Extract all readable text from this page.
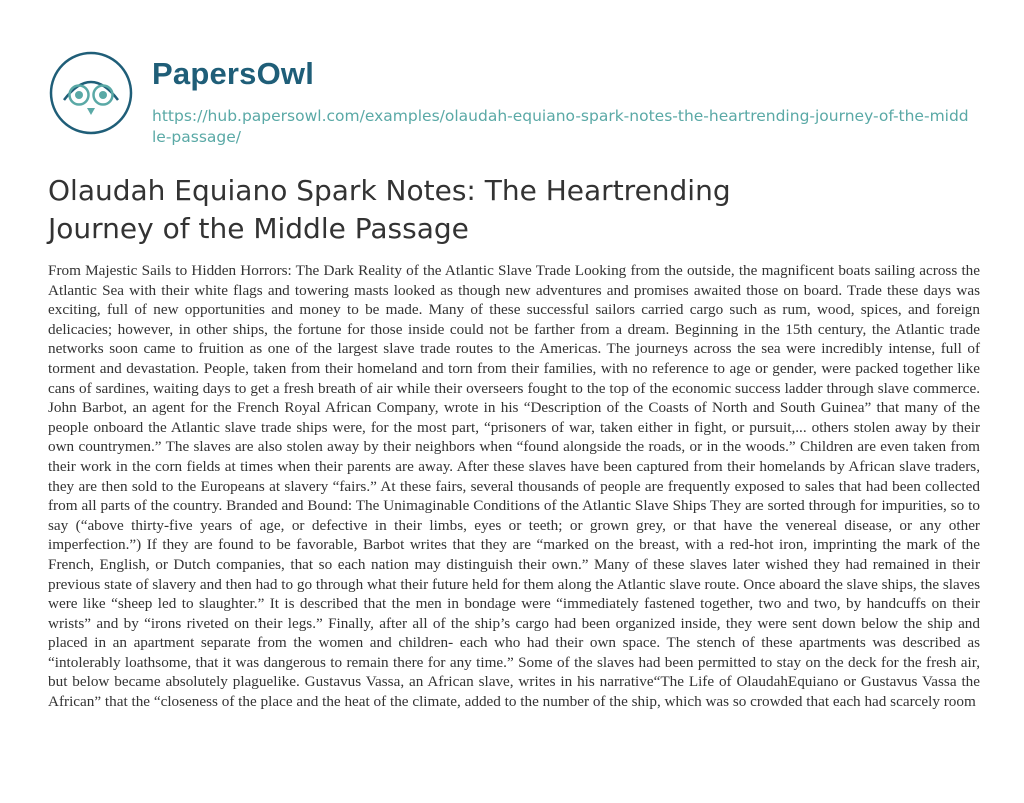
PapersOwl
https://hub.papersowl.com/examples/olaudah-equiano-spark-notes-the-heartrending-journey-of-the-middle-passage/
Olaudah Equiano Spark Notes: The Heartrending Journey of the Middle Passage

From Majestic Sails to Hidden Horrors: The Dark Reality of the Atlantic Slave Trade Looking from the outside, the magnificent boats sailing across the Atlantic Sea with their white flags and towering masts looked as though new adventures and promises awaited those on board. Trade these days was exciting, full of new opportunities and money to be made. Many of these successful sailors carried cargo such as rum, wood, spices, and foreign delicacies; however, in other ships, the fortune for those inside could not be farther from a dream. Beginning in the 15th century, the Atlantic trade networks soon came to fruition as one of the largest slave trade routes to the Americas. The journeys across the sea were incredibly intense, full of torment and devastation. People, taken from their homeland and torn from their families, with no reference to age or gender, were packed together like cans of sardines, waiting days to get a fresh breath of air while their overseers fought to the top of the economic success ladder through slave commerce. John Barbot, an agent for the French Royal African Company, wrote in his “Description of the Coasts of North and South Guinea” that many of the people onboard the Atlantic slave trade ships were, for the most part, “prisoners of war, taken either in fight, or pursuit,... others stolen away by their own countrymen.” The slaves are also stolen away by their neighbors when “found alongside the roads, or in the woods.” Children are even taken from their work in the corn fields at times when their parents are away. After these slaves have been captured from their homelands by African slave traders, they are then sold to the Europeans at slavery “fairs.” At these fairs, several thousands of people are frequently exposed to sales that had been collected from all parts of the country. Branded and Bound: The Unimaginable Conditions of the Atlantic Slave Ships They are sorted through for impurities, so to say (“above thirty-five years of age, or defective in their limbs, eyes or teeth; or grown grey, or that have the venereal disease, or any other imperfection.”) If they are found to be favorable, Barbot writes that they are “marked on the breast, with a red-hot iron, imprinting the mark of the French, English, or Dutch companies, that so each nation may distinguish their own.” Many of these slaves later wished they had remained in their previous state of slavery and then had to go through what their future held for them along the Atlantic slave route. Once aboard the slave ships, the slaves were like “sheep led to slaughter.” It is described that the men in bondage were “immediately fastened together, two and two, by handcuffs on their wrists” and by “irons riveted on their legs.” Finally, after all of the ship’s cargo had been organized inside, they were sent down below the ship and placed in an apartment separate from the women and children- each who had their own space. The stench of these apartments was described as “intolerably loathsome, that it was dangerous to remain there for any time.” Some of the slaves had been permitted to stay on the deck for the fresh air, but below became absolutely plaguelike. Gustavus Vassa, an African slave, writes in his narrative“The Life of OlaudahEquiano or Gustavus Vassa the African” that the “closeness of the place and the heat of the climate, added to the number of the ship, which was so crowded that each had scarcely room
